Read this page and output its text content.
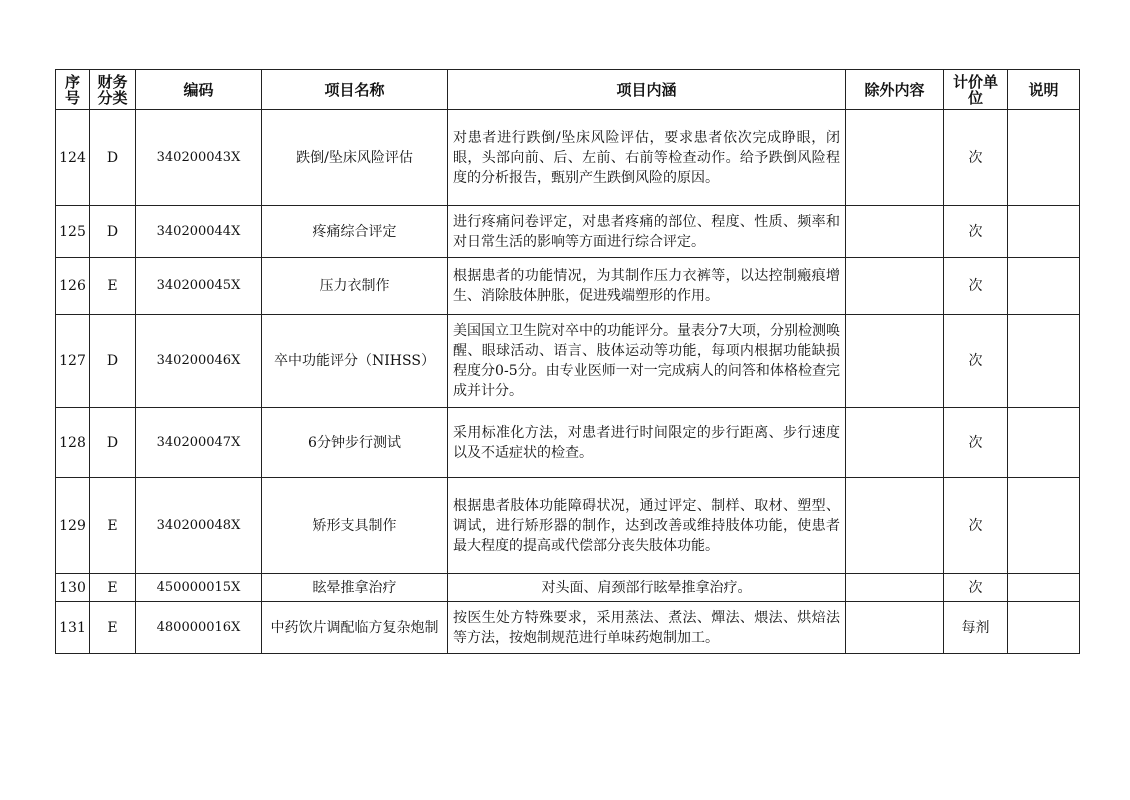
序号	财务分类	编码	项目名称	项目内涵	除外内容	计价单位	说明
124	D	340200043X	跌倒/坠床风险评估	对患者进行跌倒/坠床风险评估，要求患者依次完成睁眼，闭眼，头部向前、后、左前、右前等检查动作。给予跌倒风险程度的分析报告，甄别产生跌倒风险的原因。		次	
125	D	340200044X	疼痛综合评定	进行疼痛问卷评定，对患者疼痛的部位、程度、性质、频率和对日常生活的影响等方面进行综合评定。		次	
126	E	340200045X	压力衣制作	根据患者的功能情况，为其制作压力衣裤等，以达控制瘢痕增生、消除肢体肿胀，促进残端塑形的作用。		次	
127	D	340200046X	卒中功能评分（NIHSS）	美国国立卫生院对卒中的功能评分。量表分7大项，分别检测唤醒、眼球活动、语言、肢体运动等功能，每项内根据功能缺损程度分0-5分。由专业医师一对一完成病人的问答和体格检查完成并计分。		次	
128	D	340200047X	6分钟步行测试	采用标准化方法，对患者进行时间限定的步行距离、步行速度以及不适症状的检查。		次	
129	E	340200048X	矫形支具制作	根据患者肢体功能障碍状况，通过评定、制样、取材、塑型、调试，进行矫形器的制作，达到改善或维持肢体功能，使患者最大程度的提高或代偿部分丧失肢体功能。		次	
130	E	450000015X	眩晕推拿治疗	对头面、肩颈部行眩晕推拿治疗。		次	
131	E	480000016X	中药饮片调配临方复杂炮制	按医生处方特殊要求，采用蒸法、煮法、燀法、煨法、烘焙法等方法，按炮制规范进行单味药炮制加工。		每剂	
